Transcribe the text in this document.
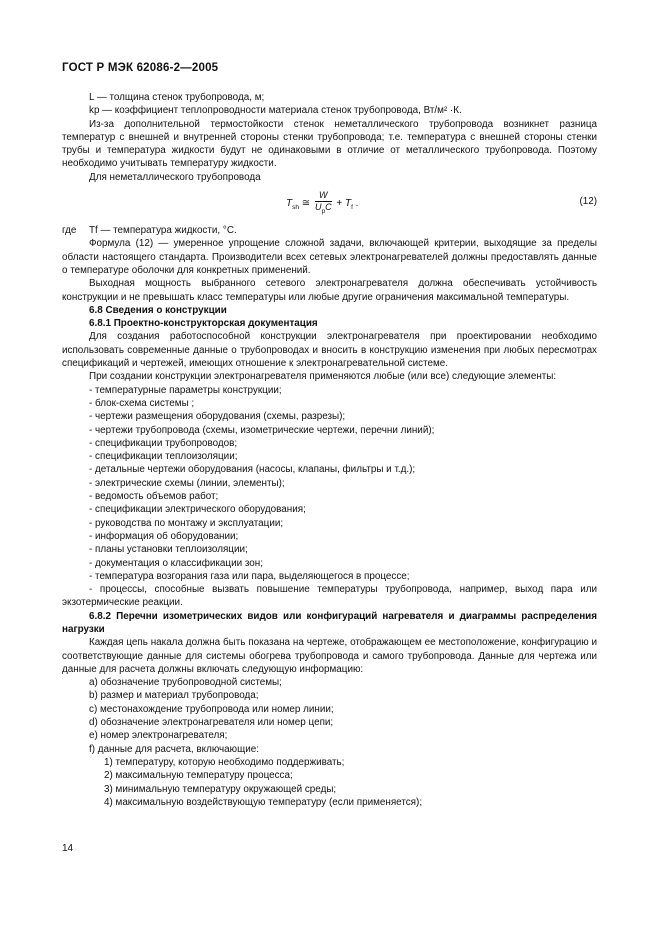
ГОСТ Р МЭК 62086-2—2005

L — толщина стенок трубопровода, м;

kp — коэффициент теплопроводности материала стенок трубопровода, Вт/м² ·К.

Из-за дополнительной термостойкости стенок неметаллического трубопровода возникнет разница температур с внешней и внутренней стороны стенки трубопровода; т.е. температура с внешней стороны стенки трубы и температура жидкости будут не одинаковыми в отличие от металлического трубопровода. Поэтому необходимо учитывать температуру жидкости.

Для неметаллического трубопровода

$T_{sh}$ ≅ $\frac{W}{U_pC} + T_f$ .	(12)

где Tf — температура жидкости, °С.

Формула (12) — умеренное упрощение сложной задачи, включающей критерии, выходящие за пределы области настоящего стандарта. Производители всех сетевых электронагревателей должны предоставлять данные о температуре оболочки для конкретных применений.

Выходная мощность выбранного сетевого электронагревателя должна обеспечивать устойчивость конструкции и не превышать класс температуры или любые другие ограничения максимальной температуры.

6.8 Сведения о конструкции

6.8.1 Проектно-конструкторская документация

Для создания работоспособной конструкции электронагревателя при проектировании необходимо использовать современные данные о трубопроводах и вносить в конструкцию изменения при любых пересмотрах спецификаций и чертежей, имеющих отношение к электронагревательной системе.

При создании конструкции электронагревателя применяются любые (или все) следующие элементы:

- температурные параметры конструкции;

- блок-схема системы ;

- чертежи размещения оборудования (схемы, разрезы);

- чертежи трубопровода (схемы, изометрические чертежи, перечни линий);

- спецификации трубопроводов;

- спецификации теплоизоляции;

- детальные чертежи оборудования (насосы, клапаны, фильтры и т.д.);

- электрические схемы (линии, элементы);

- ведомость объемов работ;

- спецификации электрического оборудования;

- руководства по монтажу и эксплуатации;

- информация об оборудовании;

- планы установки теплоизоляции;

- документация о классификации зон;

- температура возгорания газа или пара, выделяющегося в процессе;

- процессы, способные вызвать повышение температуры трубопровода, например, выход пара или экзотермические реакции.

6.8.2 Перечни изометрических видов или конфигураций нагревателя и диаграммы распределения нагрузки

Каждая цепь накала должна быть показана на чертеже, отображающем ее местоположение, конфигурацию и соответствующие данные для системы обогрева трубопровода и самого трубопровода. Данные для чертежа или данные для расчета должны включать следующую информацию:

a) обозначение трубопроводной системы;

b) размер и материал трубопровода;

c) местонахождение трубопровода или номер линии;

d) обозначение электронагревателя или номер цепи;

e) номер электронагревателя;

f) данные для расчета, включающие:

1) температуру, которую необходимо поддерживать;

2) максимальную температуру процесса;

3) минимальную температуру окружающей среды;

4) максимальную воздействующую температуру (если применяется);

14
